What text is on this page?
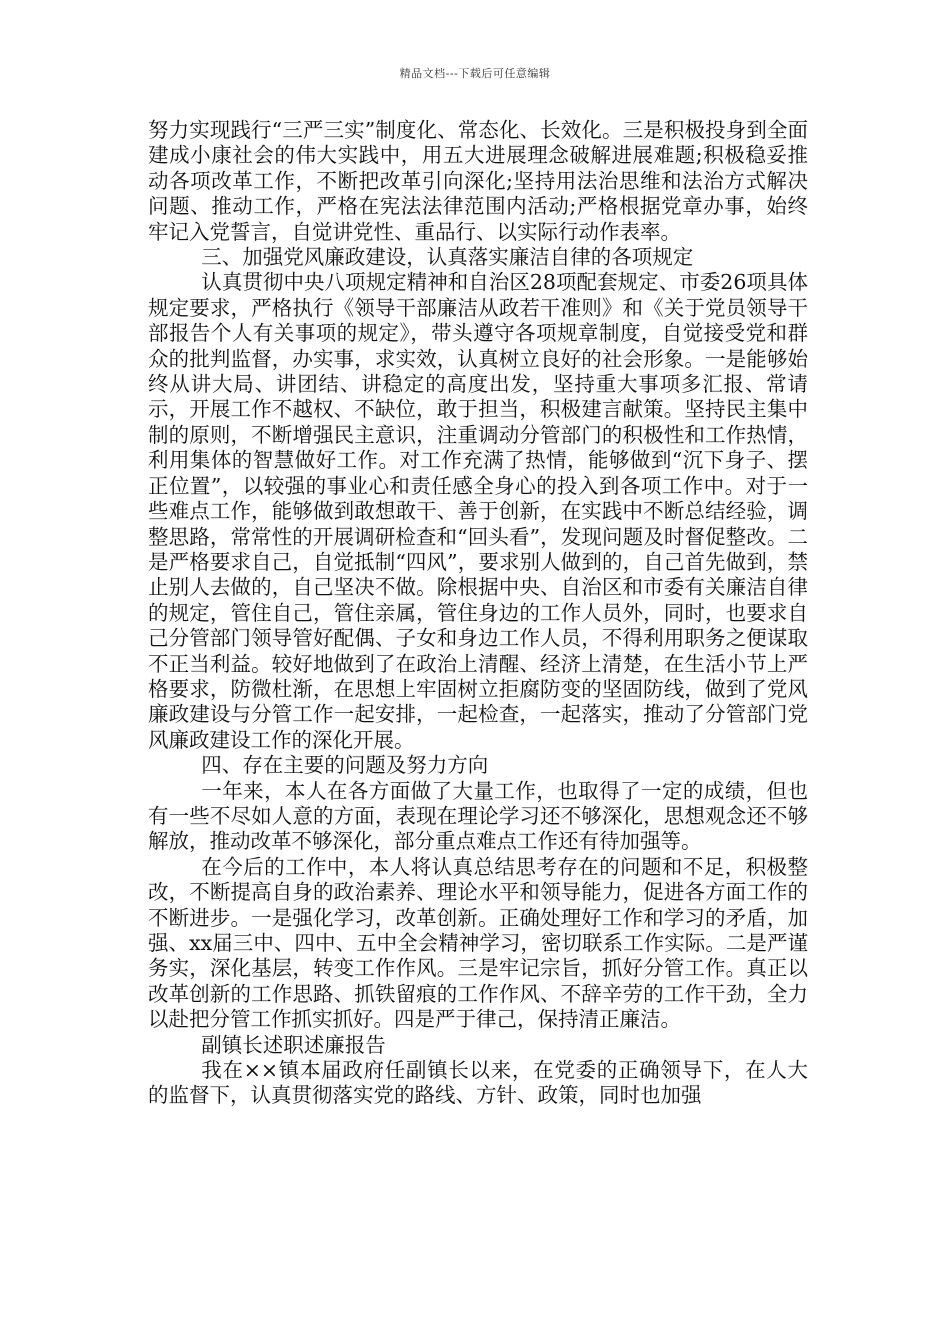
精品文档---下载后可任意编辑

努力实现践行“三严三实”制度化、常态化、长效化。三是积极投身到全面建成小康社会的伟大实践中，用五大进展理念破解进展难题;积极稳妥推动各项改革工作，不断把改革引向深化;坚持用法治思维和法治方式解决问题、推动工作，严格在宪法法律范围内活动;严格根据党章办事，始终牢记入党誓言，自觉讲党性、重品行、以实际行动作表率。

三、加强党风廉政建设，认真落实廉洁自律的各项规定

认真贯彻中央八项规定精神和自治区28项配套规定、市委26项具体规定要求，严格执行《领导干部廉洁从政若干准则》和《关于党员领导干部报告个人有关事项的规定》，带头遵守各项规章制度，自觉接受党和群众的批判监督，办实事，求实效，认真树立良好的社会形象。一是能够始终从讲大局、讲团结、讲稳定的高度出发，坚持重大事项多汇报、常请示，开展工作不越权、不缺位，敢于担当，积极建言献策。坚持民主集中制的原则，不断增强民主意识，注重调动分管部门的积极性和工作热情，利用集体的智慧做好工作。对工作充满了热情，能够做到“沉下身子、摆正位置”，以较强的事业心和责任感全身心的投入到各项工作中。对于一些难点工作，能够做到敢想敢干、善于创新，在实践中不断总结经验，调整思路，常常性的开展调研检查和“回头看”，发现问题及时督促整改。二是严格要求自己，自觉抵制“四风”，要求别人做到的，自己首先做到，禁止别人去做的，自己坚决不做。除根据中央、自治区和市委有关廉洁自律的规定，管住自己，管住亲属，管住身边的工作人员外，同时，也要求自己分管部门领导管好配偶、子女和身边工作人员，不得利用职务之便谋取不正当利益。较好地做到了在政治上清醒、经济上清楚，在生活小节上严格要求，防微杜渐，在思想上牢固树立拒腐防变的坚固防线，做到了党风廉政建设与分管工作一起安排，一起检查，一起落实，推动了分管部门党风廉政建设工作的深化开展。

四、存在主要的问题及努力方向

一年来，本人在各方面做了大量工作，也取得了一定的成绩，但也有一些不尽如人意的方面，表现在理论学习还不够深化，思想观念还不够解放，推动改革不够深化，部分重点难点工作还有待加强等。

在今后的工作中，本人将认真总结思考存在的问题和不足，积极整改，不断提高自身的政治素养、理论水平和领导能力，促进各方面工作的不断进步。一是强化学习，改革创新。正确处理好工作和学习的矛盾，加强、xx届三中、四中、五中全会精神学习，密切联系工作实际。二是严谨务实，深化基层，转变工作作风。三是牢记宗旨，抓好分管工作。真正以改革创新的工作思路、抓铁留痕的工作作风、不辞辛劳的工作干劲，全力以赴把分管工作抓实抓好。四是严于律己，保持清正廉洁。

副镇长述职述廉报告

我在××镇本届政府任副镇长以来，在党委的正确领导下，在人大的监督下，认真贯彻落实党的路线、方针、政策，同时也加强
